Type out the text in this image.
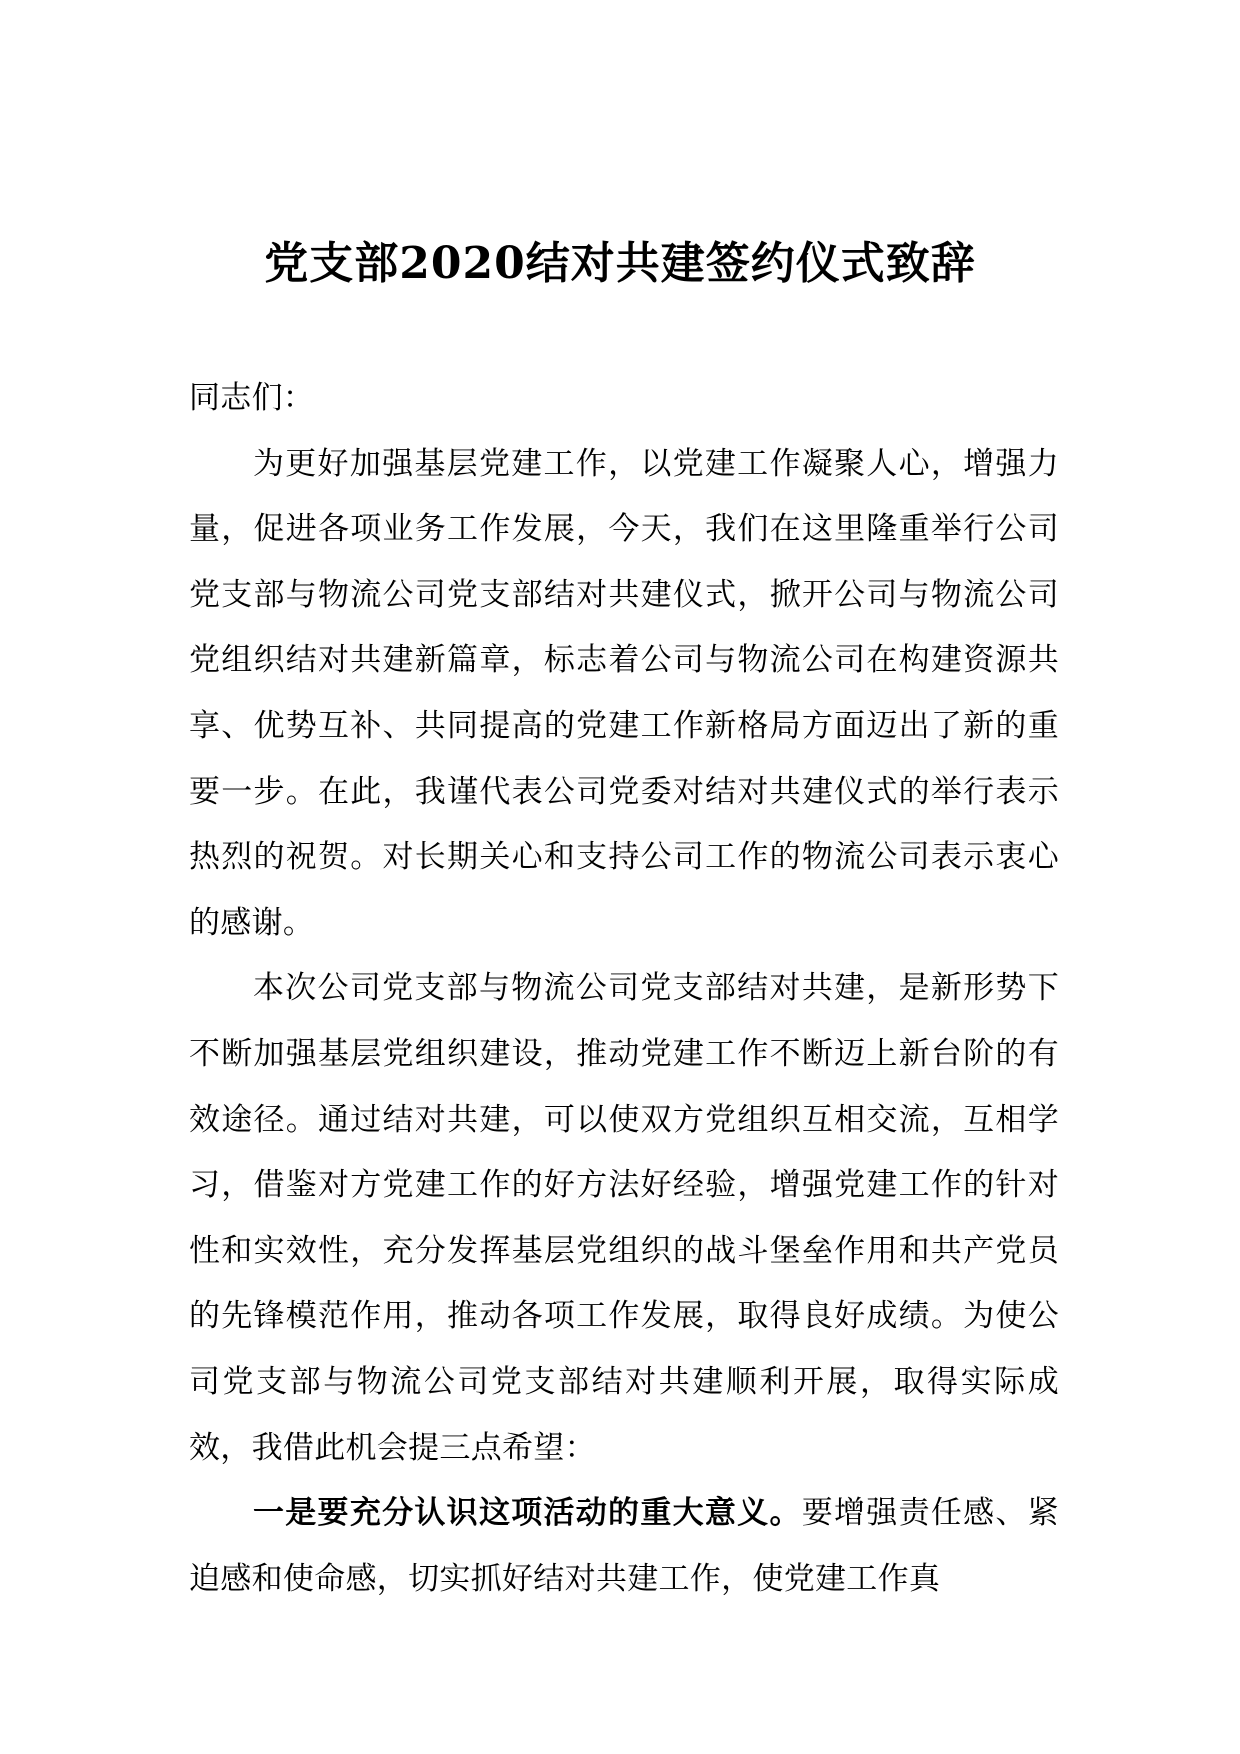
党支部2020结对共建签约仪式致辞

同志们：

为更好加强基层党建工作，以党建工作凝聚人心，增强力量，促进各项业务工作发展，今天，我们在这里隆重举行公司党支部与物流公司党支部结对共建仪式，掀开公司与物流公司党组织结对共建新篇章，标志着公司与物流公司在构建资源共享、优势互补、共同提高的党建工作新格局方面迈出了新的重要一步。在此，我谨代表公司党委对结对共建仪式的举行表示热烈的祝贺。对长期关心和支持公司工作的物流公司表示衷心的感谢。

本次公司党支部与物流公司党支部结对共建，是新形势下不断加强基层党组织建设，推动党建工作不断迈上新台阶的有效途径。通过结对共建，可以使双方党组织互相交流，互相学习，借鉴对方党建工作的好方法好经验，增强党建工作的针对性和实效性，充分发挥基层党组织的战斗堡垒作用和共产党员的先锋模范作用，推动各项工作发展，取得良好成绩。为使公司党支部与物流公司党支部结对共建顺利开展，取得实际成效，我借此机会提三点希望：

一是要充分认识这项活动的重大意义。要增强责任感、紧迫感和使命感，切实抓好结对共建工作，使党建工作真
